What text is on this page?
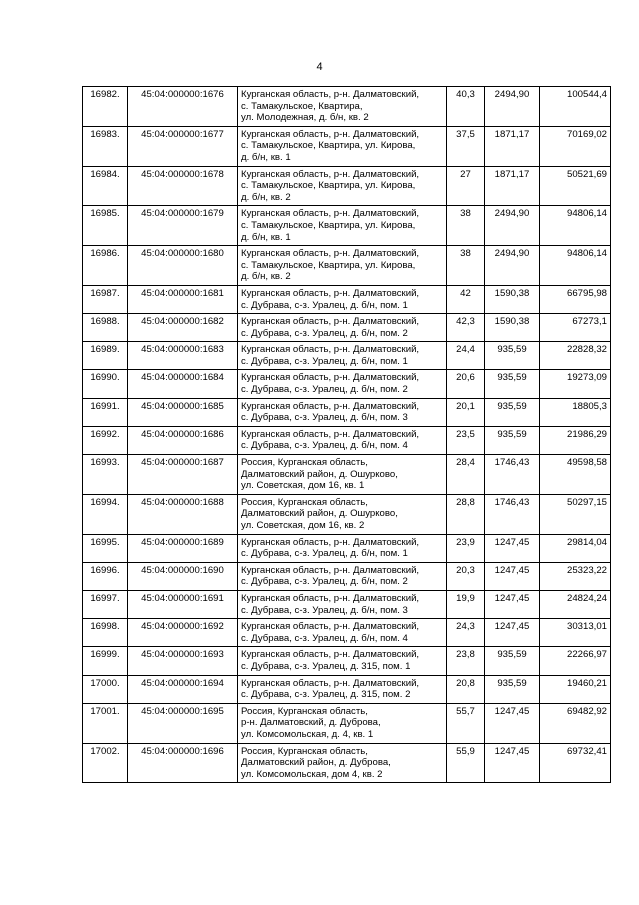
4
16982.	45:04:000000:1676	Курганская область, р-н. Далматовский,
с. Тамакульское, Квартира,
ул. Молодежная, д. б/н, кв. 2	40,3	2494,90	100544,4
16983.	45:04:000000:1677	Курганская область, р-н. Далматовский,
с. Тамакульское, Квартира, ул. Кирова,
д. б/н, кв. 1	37,5	1871,17	70169,02
16984.	45:04:000000:1678	Курганская область, р-н. Далматовский,
с. Тамакульское, Квартира, ул. Кирова,
д. б/н, кв. 2	27	1871,17	50521,69
16985.	45:04:000000:1679	Курганская область, р-н. Далматовский,
с. Тамакульское, Квартира, ул. Кирова,
д. б/н, кв. 1	38	2494,90	94806,14
16986.	45:04:000000:1680	Курганская область, р-н. Далматовский,
с. Тамакульское, Квартира, ул. Кирова,
д. б/н, кв. 2	38	2494,90	94806,14
16987.	45:04:000000:1681	Курганская область, р-н. Далматовский,
с. Дубрава, с-з. Уралец, д. б/н, пом. 1	42	1590,38	66795,98
16988.	45:04:000000:1682	Курганская область, р-н. Далматовский,
с. Дубрава, с-з. Уралец, д. б/н, пом. 2	42,3	1590,38	67273,1
16989.	45:04:000000:1683	Курганская область, р-н. Далматовский,
с. Дубрава, с-з. Уралец, д. б/н, пом. 1	24,4	935,59	22828,32
16990.	45:04:000000:1684	Курганская область, р-н. Далматовский,
с. Дубрава, с-з. Уралец, д. б/н, пом. 2	20,6	935,59	19273,09
16991.	45:04:000000:1685	Курганская область, р-н. Далматовский,
с. Дубрава, с-з. Уралец, д. б/н, пом. 3	20,1	935,59	18805,3
16992.	45:04:000000:1686	Курганская область, р-н. Далматовский,
с. Дубрава, с-з. Уралец, д. б/н, пом. 4	23,5	935,59	21986,29
16993.	45:04:000000:1687	Россия, Курганская область,
Далматовский район, д. Ошурково,
ул. Советская, дом 16, кв. 1	28,4	1746,43	49598,58
16994.	45:04:000000:1688	Россия, Курганская область,
Далматовский район, д. Ошурково,
ул. Советская, дом 16, кв. 2	28,8	1746,43	50297,15
16995.	45:04:000000:1689	Курганская область, р-н. Далматовский,
с. Дубрава, с-з. Уралец, д. б/н, пом. 1	23,9	1247,45	29814,04
16996.	45:04:000000:1690	Курганская область, р-н. Далматовский,
с. Дубрава, с-з. Уралец, д. б/н, пом. 2	20,3	1247,45	25323,22
16997.	45:04:000000:1691	Курганская область, р-н. Далматовский,
с. Дубрава, с-з. Уралец, д. б/н, пом. 3	19,9	1247,45	24824,24
16998.	45:04:000000:1692	Курганская область, р-н. Далматовский,
с. Дубрава, с-з. Уралец, д. б/н, пом. 4	24,3	1247,45	30313,01
16999.	45:04:000000:1693	Курганская область, р-н. Далматовский,
с. Дубрава, с-з. Уралец, д. 315, пом. 1	23,8	935,59	22266,97
17000.	45:04:000000:1694	Курганская область, р-н. Далматовский,
с. Дубрава, с-з. Уралец, д. 315, пом. 2	20,8	935,59	19460,21
17001.	45:04:000000:1695	Россия, Курганская область,
р-н. Далматовский, д. Дуброва,
ул. Комсомольская, д. 4, кв. 1	55,7	1247,45	69482,92
17002.	45:04:000000:1696	Россия, Курганская область,
Далматовский район, д. Дуброва,
ул. Комсомольская, дом 4, кв. 2	55,9	1247,45	69732,41
